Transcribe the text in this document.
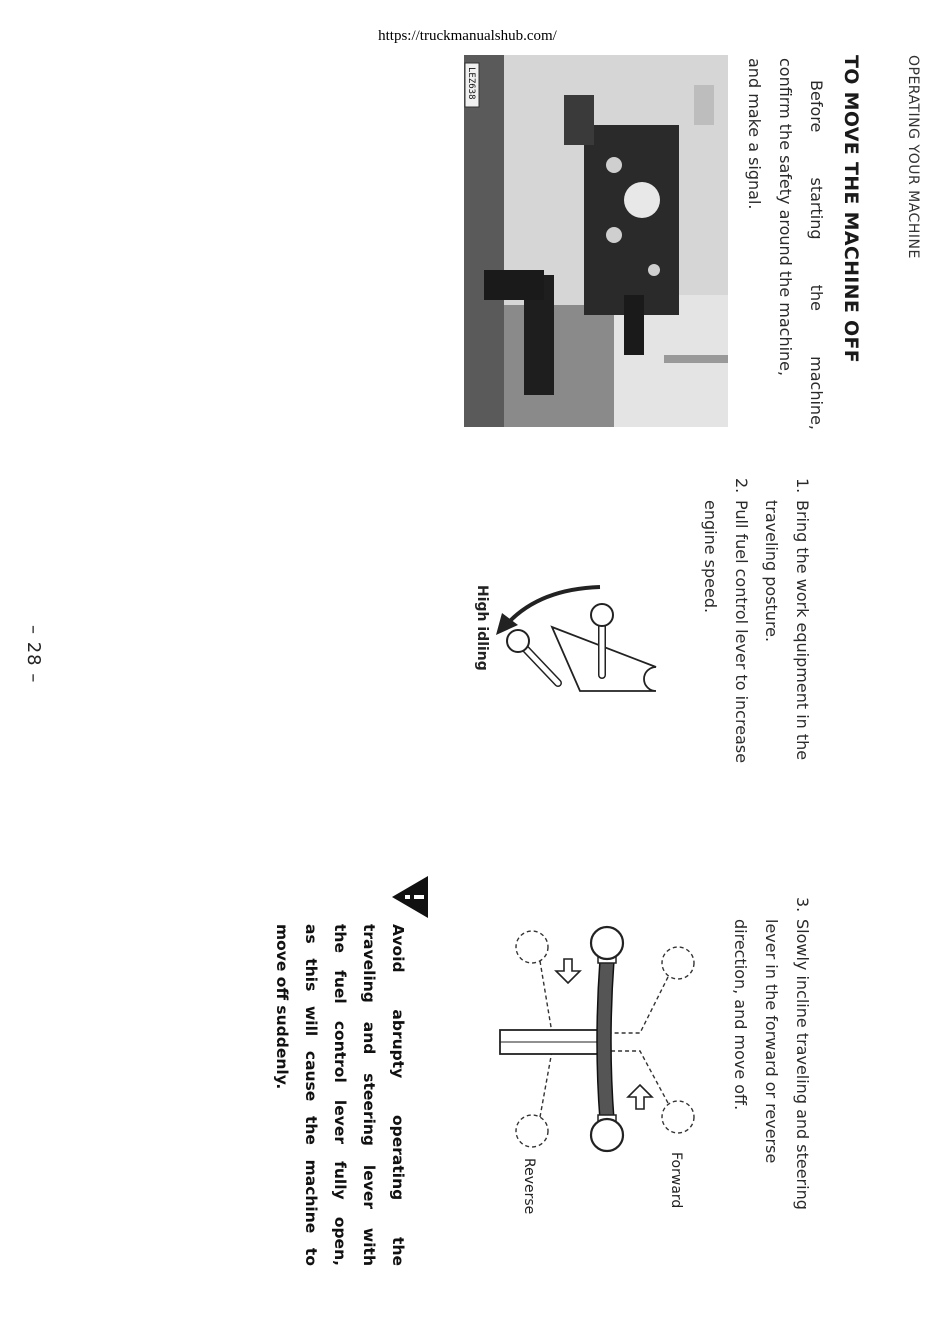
https://truckmanualshub.com/
OPERATING YOUR MACHINE
TO MOVE THE MACHINE OFF

Before starting the machine,

confirm the safety around the machine,

and make a signal.

LEZ638
1.Bring the work equipment in the
traveling posture.
2.Pull fuel control lever to increase
engine speed.
High idling
3.Slowly incline traveling and steering
lever in the forward or reverse
direction, and move off.
Forward
Reverse
Avoid abrupty operating the
traveling and steering lever with
the fuel control lever fully open,
as this will cause the machine to
move off suddenly.
– 28 –
